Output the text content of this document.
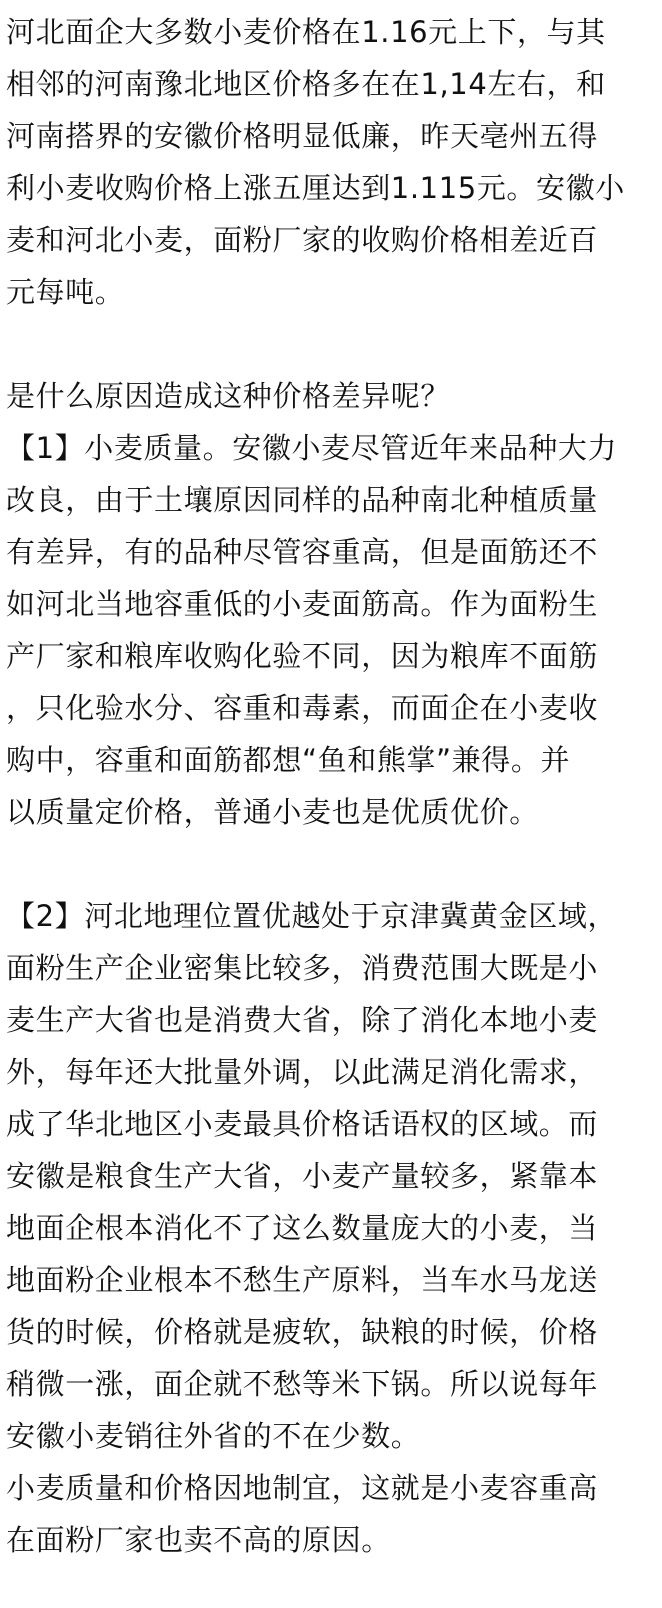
河北面企大多数小麦价格在1.16元上下，与其
相邻的河南豫北地区价格多在在1,14左右，和
河南搭界的安徽价格明显低廉，昨天亳州五得
利小麦收购价格上涨五厘达到1.115元。安徽小
麦和河北小麦，面粉厂家的收购价格相差近百
元每吨。
是什么原因造成这种价格差异呢？
【1】小麦质量。安徽小麦尽管近年来品种大力
改良，由于土壤原因同样的品种南北种植质量
有差异，有的品种尽管容重高，但是面筋还不
如河北当地容重低的小麦面筋高。作为面粉生
产厂家和粮库收购化验不同，因为粮库不面筋
，只化验水分、容重和毒素，而面企在小麦收
购中，容重和面筋都想“鱼和熊掌”兼得。并
以质量定价格，普通小麦也是优质优价。
【2】河北地理位置优越处于京津冀黄金区域，
面粉生产企业密集比较多，消费范围大既是小
麦生产大省也是消费大省，除了消化本地小麦
外，每年还大批量外调，以此满足消化需求，
成了华北地区小麦最具价格话语权的区域。而
安徽是粮食生产大省，小麦产量较多，紧靠本
地面企根本消化不了这么数量庞大的小麦，当
地面粉企业根本不愁生产原料，当车水马龙送
货的时候，价格就是疲软，缺粮的时候，价格
稍微一涨，面企就不愁等米下锅。所以说每年
安徽小麦销往外省的不在少数。
小麦质量和价格因地制宜，这就是小麦容重高
在面粉厂家也卖不高的原因。
